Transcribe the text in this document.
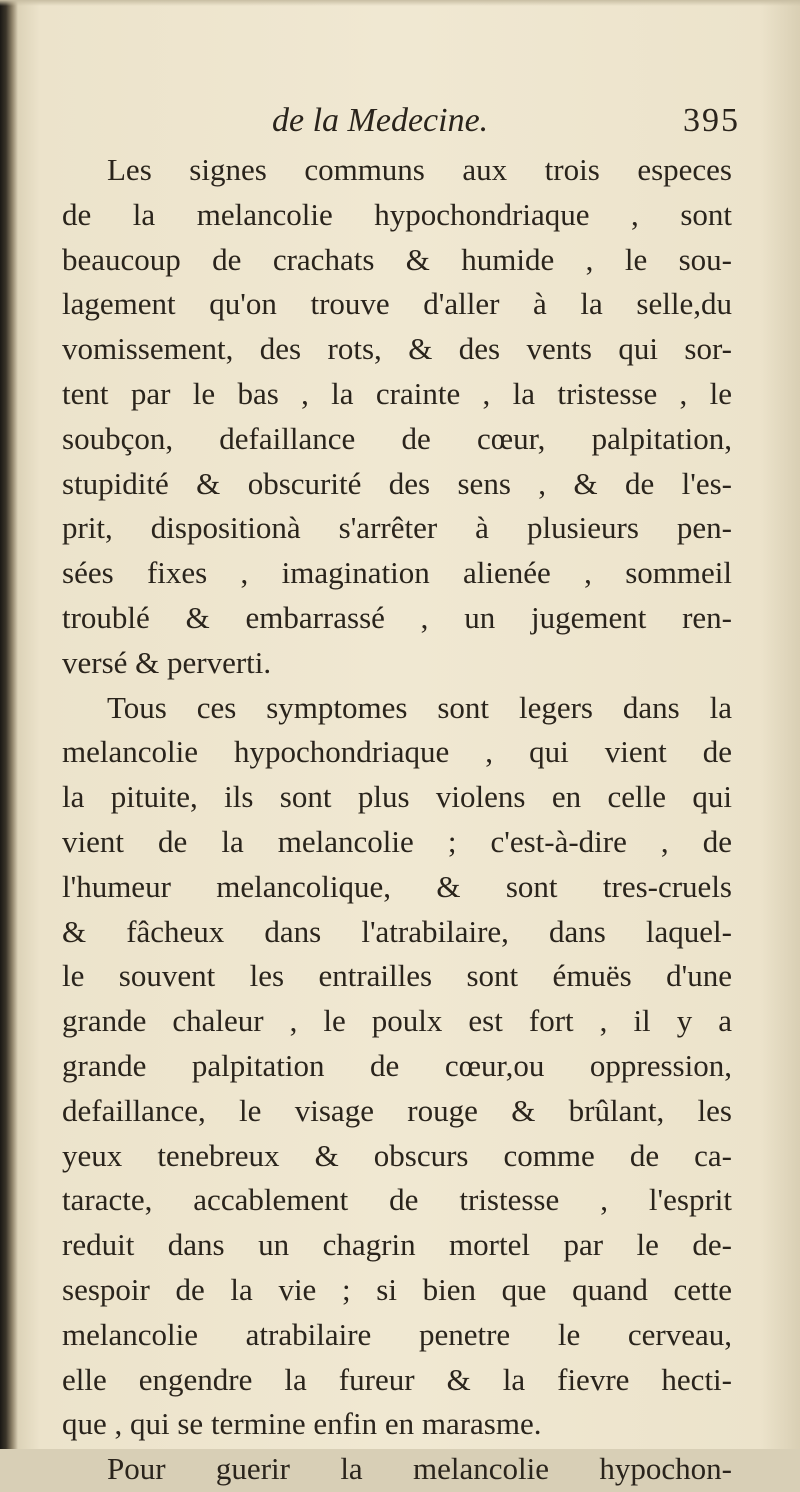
de la Medecine.	395
Les signes communs aux trois especes
de la melancolie hypochondriaque , sont
beaucoup de crachats & humide , le sou-
lagement qu'on trouve d'aller à la selle,du
vomissement, des rots, & des vents qui sor-
tent par le bas , la crainte , la tristesse , le
soubçon, defaillance de cœur, palpitation,
stupidité & obscurité des sens , & de l'es-
prit, dispositionà s'arrêter à plusieurs pen-
sées fixes , imagination alienée , sommeil
troublé & embarrassé , un jugement ren-
versé & perverti.
Tous ces symptomes sont legers dans la
melancolie hypochondriaque , qui vient de
la pituite, ils sont plus violens en celle qui
vient de la melancolie ; c'est-à-dire , de
l'humeur melancolique, & sont tres-cruels
& fâcheux dans l'atrabilaire, dans laquel-
le souvent les entrailles sont émuës d'une
grande chaleur , le poulx est fort , il y a
grande palpitation de cœur,ou oppression,
defaillance, le visage rouge & brûlant, les
yeux tenebreux & obscurs comme de ca-
taracte, accablement de tristesse , l'esprit
reduit dans un chagrin mortel par le de-
sespoir de la vie ; si bien que quand cette
melancolie atrabilaire penetre le cerveau,
elle engendre la fureur & la fievre hecti-
que , qui se termine enfin en marasme.
Pour guerir la melancolie hypochon-
